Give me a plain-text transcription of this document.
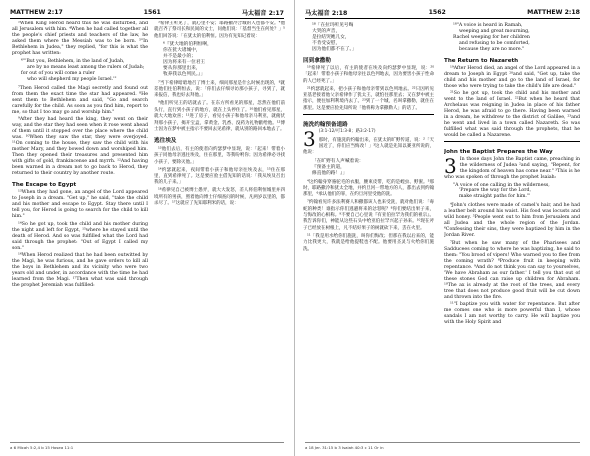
MATTHEW 2:17	1561	马太福音 2:17

⁵When King Herod heard this he was disturbed, and all Jerusalem with him. ⁴When he had called together all the people's chief priests and teachers of the law, he asked them where the Messiah was to be born. ⁵"In Bethlehem in Judea," they replied, "for this is what the prophet has written:

⁶"'But you, Bethlehem, in the land of Judah,
are by no means least among the rulers of Judah;
for out of you will come a ruler
who will shepherd my people Israel.'"

⁷Then Herod called the Magi secretly and found out from them the exact time the star had appeared. ⁸He sent them to Bethlehem and said, "Go and search carefully for the child. As soon as you find him, report to me, so that I too may go and worship him."

⁹After they had heard the king, they went on their way, and the star they had seen when it rose went ahead of them until it stopped over the place where the child was. ¹⁰When they saw the star, they were overjoyed. ¹¹On coming to the house, they saw the child with his mother Mary, and they bowed down and worshiped him. Then they opened their treasures and presented him with gifts of gold, frankincense and myrrh. ¹²And having been warned in a dream not to go back to Herod, they returned to their country by another route.

The Escape to Egypt

¹³When they had gone, an angel of the Lord appeared to Joseph in a dream. "Get up," he said, "take the child and his mother and escape to Egypt. Stay there until I tell you, for Herod is going to search for the child to kill him."

¹⁴So he got up, took the child and his mother during the night and left for Egypt, ¹⁵where he stayed until the death of Herod. And so was fulfilled what the Lord had said through the prophet: "Out of Egypt I called my son."

¹⁶When Herod realized that he had been outwitted by the Magi, he was furious, and he gave orders to kill all the boys in Bethlehem and its vicinity who were two years old and under, in accordance with the time he had learned from the Magi. ¹⁷Then what was said through the prophet Jeremiah was fulfilled:

³希律王听见了，就心里不安；耶路撒冷合城的人也都不安。⁴他就召齐了祭司长和民间的文士，问他们说：「基督当生在何处？」⁵他们回答说：「在犹太的伯利恒。因为有先知记着说：

⁶『犹大地的伯利恒啊，
你在犹大诸城中，
并不是最小的；
因为将来有一位君王
要从你那里出来，
牧养我以色列民。』」

⁷当下希律暗暗地召了博士来，细问那星是什么时候出现的，⁸就差他们往伯利恒去，说：「你们去仔细寻访那小孩子，寻到了，就来报信，我也好去拜他。」

⁹他们听见王的话就去了。在东方所看见的那星，忽然在他们前头行，直行到小孩子的地方，就在上头停住了。¹⁰他们看见那星，就大大地欢喜；¹¹进了房子，看见小孩子和他母亲马利亚，就俯伏拜那小孩子，揭开宝盒，拿黄金、乳香、没药为礼物献给他。¹²博士因为在梦中被主指示不要回去见希律，就从别的路回本地去了。

逃往埃及

¹³他们去后，有主的使者向约瑟梦中显现，说：「起来！带着小孩子同他母亲逃往埃及，住在那里，等我吩咐你；因为希律必寻找小孩子，要除灭他。」

¹⁴约瑟就起来，夜间带着小孩子和他母亲往埃及去，¹⁵住在那里，直到希律死了。这是要应验主借先知的话说：「我从埃及召出我的儿子来。」

¹⁶希律见自己被博士愚弄，就大大发怒，差人将伯利恒城里并四境所有的男孩，照着他向博士仔细查问的时候，凡两岁以里的，都杀尽了。¹⁷这就应了先知耶利米的话，说：

a 6 Micah 5:2,4 b 15 Hosea 11:1
马太福音 2:18	1562	MATTHEW 2:18
¹⁸「在拉玛听见号啕
大哭的声音，
是拉结哭她儿女，
不肯受安慰，
因为他们都不在了。」
回到拿撒勒

¹⁹希律死了以后，有主的使者在埃及向约瑟梦中显现，说：²⁰「起来！带着小孩子和他母亲往以色列地去，因为要害小孩子性命的人已经死了。」

²¹约瑟就起来，把小孩子和他母亲带到以色列地去。²²只因听见亚基老接着他父亲希律作了犹太王，就怕往那里去；又在梦中被主指示，便往加利利境内去了。²³到了一个城，名叫拿撒勒，就住在那里。这是要应验先知所说「他将称为拿撒勒人」的话了。

施洗约翰预备道路
3 (3:1-12/可1:3-8；路3:2-17)

那时，有施洗的约翰出来，在犹太的旷野传道，说：²「天国近了，你们应当悔改！」³这人就是先知以赛亚所说的，他说：

「在旷野有人声喊着说：
『预备主的道，
修直他的路！』」

⁴这约翰身穿骆驼毛的衣服，腰束皮带，吃的是蝗虫、野蜜。⁵那时，耶路撒冷和犹太全地，并约旦河一带地方的人，都出去到约翰那里，⁶承认他们的罪，在约旦河里受他的洗。

⁷约翰看见许多法利赛人和撒都该人也来受洗，就对他们说：「毒蛇的种类！谁指示你们逃避将来的忿怒呢？⁸你们要结出果子来，与悔改的心相称。⁹不要自己心里说『有亚伯拉罕为我们的祖宗』。我告诉你们，神能从这些石头中给亚伯拉罕兴起子孙来。¹⁰现在斧子已经放在树根上，凡不结好果子的树就砍下来，丢在火里。

¹¹「我是用水给你们施洗，叫你们悔改；但那在我以后来的，能力比我更大，我就是给他提鞋也不配。他要用圣灵与火给你们施洗。

¹⁸"A voice is heard in Ramah,
weeping and great mourning,
Rachel weeping for her children
and refusing to be comforted,
because they are no more."
The Return to Nazareth

¹⁹After Herod died, an angel of the Lord appeared in a dream to Joseph in Egypt ²⁰and said, "Get up, take the child and his mother and go to the land of Israel, for those who were trying to take the child's life are dead."

²¹So he got up, took the child and his mother and went to the land of Israel. ²²But when he heard that Archelaus was reigning in Judea in place of his father Herod, he was afraid to go there. Having been warned in a dream, he withdrew to the district of Galilee, ²³and he went and lived in a town called Nazareth. So was fulfilled what was said through the prophets, that he would be called a Nazarene.

John the Baptist Prepares the Way
3 In those days John the Baptist came, preaching in the wilderness of Judea ²and saying, "Repent, for the kingdom of heaven has come near." ³This is he who was spoken of through the prophet Isaiah:

"A voice of one calling in the wilderness,
'Prepare the way for the Lord,
make straight paths for him.'"

⁴John's clothes were made of camel's hair, and he had a leather belt around his waist. His food was locusts and wild honey. ⁵People went out to him from Jerusalem and all Judea and the whole region of the Jordan. ⁶Confessing their sins, they were baptized by him in the Jordan River.

⁷But when he saw many of the Pharisees and Sadducees coming to where he was baptizing, he said to them: "You brood of vipers! Who warned you to flee from the coming wrath? ⁸Produce fruit in keeping with repentance. ⁹And do not think you can say to yourselves, 'We have Abraham as our father.' I tell you that out of these stones God can raise up children for Abraham. ¹⁰The ax is already at the root of the trees, and every tree that does not produce good fruit will be cut down and thrown into the fire.

¹¹"I baptize you with water for repentance. But after me comes one who is more powerful than I, whose sandals I am not worthy to carry. He will baptize you with the Holy Spirit and

a 18 Jer. 31:15 b 3 Isaiah 40:3 c 11 Or in
